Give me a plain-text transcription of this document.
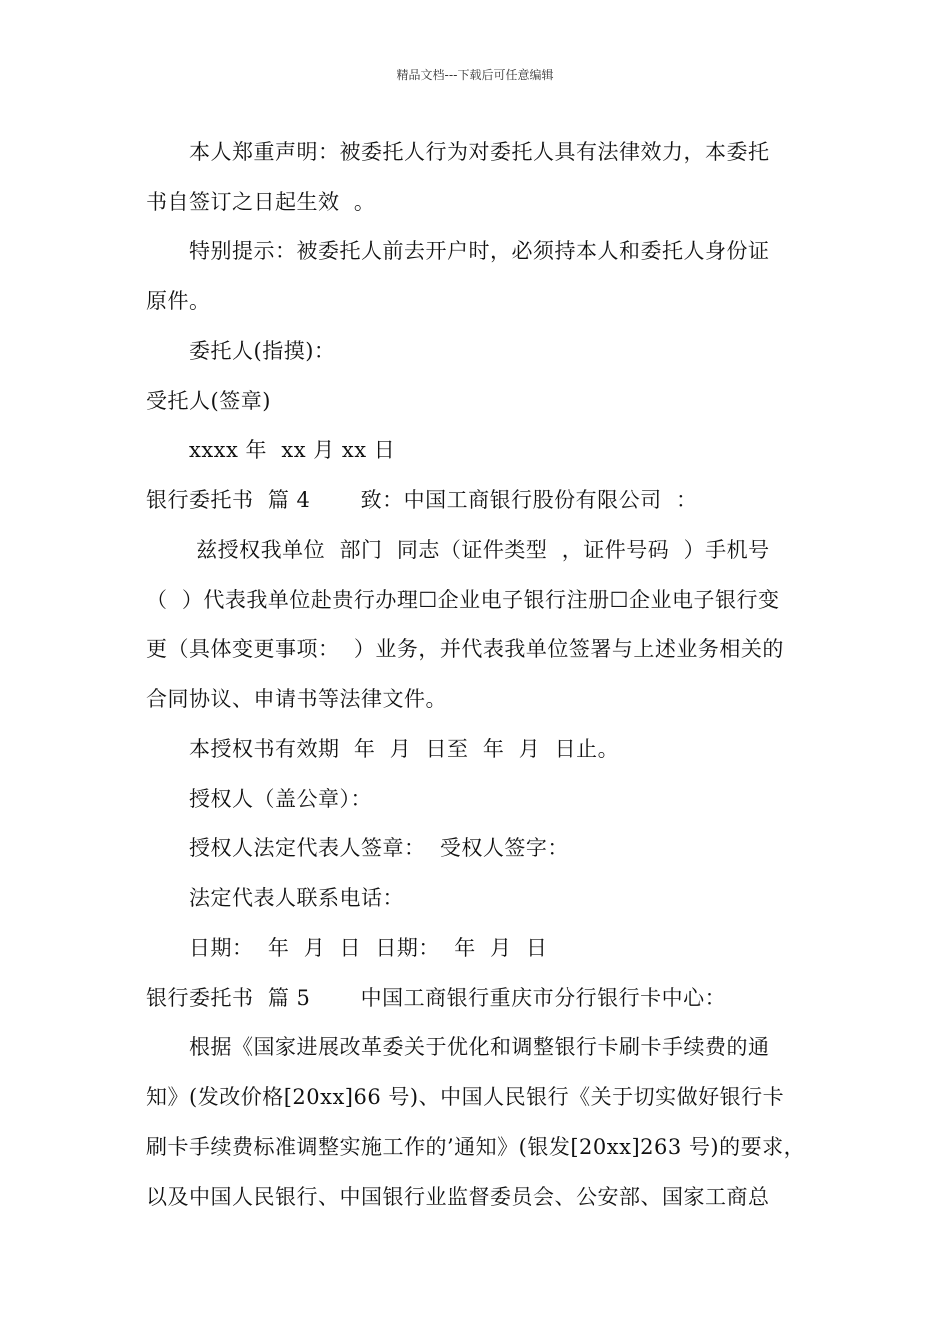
精品文档---下载后可任意编辑
本人郑重声明：被委托人行为对委托人具有法律效力，本委托
书自签订之日起生效  。
特别提示：被委托人前去开户时，必须持本人和委托人身份证
原件。
委托人(指摸)：
受托人(签章)
xxxx 年  xx 月 xx 日
银行委托书  篇 4       致：中国工商银行股份有限公司  ：
兹授权我单位  部门  同志（证件类型  ，证件号码  ）手机号
（  ）代表我单位赴贵行办理☐企业电子银行注册☐企业电子银行变
更（具体变更事项：  ）业务，并代表我单位签署与上述业务相关的
合同协议、申请书等法律文件。
本授权书有效期  年  月  日至  年  月  日止。
授权人（盖公章）：
授权人法定代表人签章：  受权人签字：
法定代表人联系电话：
日期：  年  月  日  日期：  年  月  日
银行委托书  篇 5       中国工商银行重庆市分行银行卡中心：
根据《国家进展改革委关于优化和调整银行卡刷卡手续费的通
知》(发改价格[20xx]66 号)、中国人民银行《关于切实做好银行卡
刷卡手续费标准调整实施工作的’通知》(银发[20xx]263 号)的要求，
以及中国人民银行、中国银行业监督委员会、公安部、国家工商总
